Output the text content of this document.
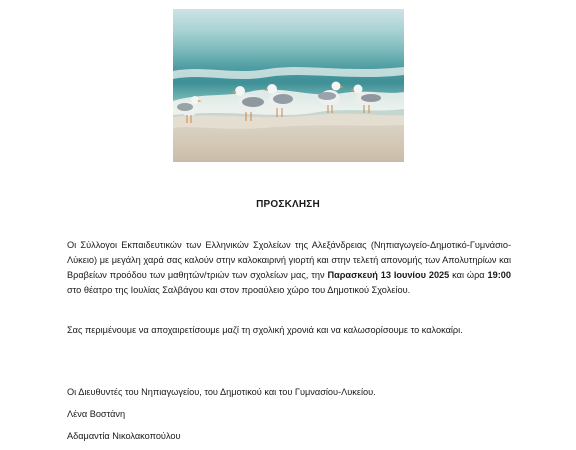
ΠΡΟΣΚΛΗΣΗ

Οι Σύλλογοι Εκπαιδευτικών των Ελληνικών Σχολείων της Αλεξάνδρειας (Νηπιαγωγείο-Δημοτικό-Γυμνάσιο-Λύκειο) με μεγάλη χαρά σας καλούν στην καλοκαιρινή γιορτή και στην τελετή απονομής των Απολυτηρίων και Βραβείων προόδου των μαθητών/τριών των σχολείων μας, την Παρασκευή 13 Ιουνίου 2025 και ώρα 19:00 στο θέατρο της Ιουλίας Σαλβάγου και στον προαύλειο χώρο του Δημοτικού Σχολείου.

Σας περιμένουμε να αποχαιρετίσουμε μαζί τη σχολική χρονιά και να καλωσορίσουμε το καλοκαίρι.

Οι Διευθυντές του Νηπιαγωγείου, του Δημοτικού και του Γυμνασίου-Λυκείου.

Λένα Βοστάνη

Αδαμαντία Νικολακοπούλου
